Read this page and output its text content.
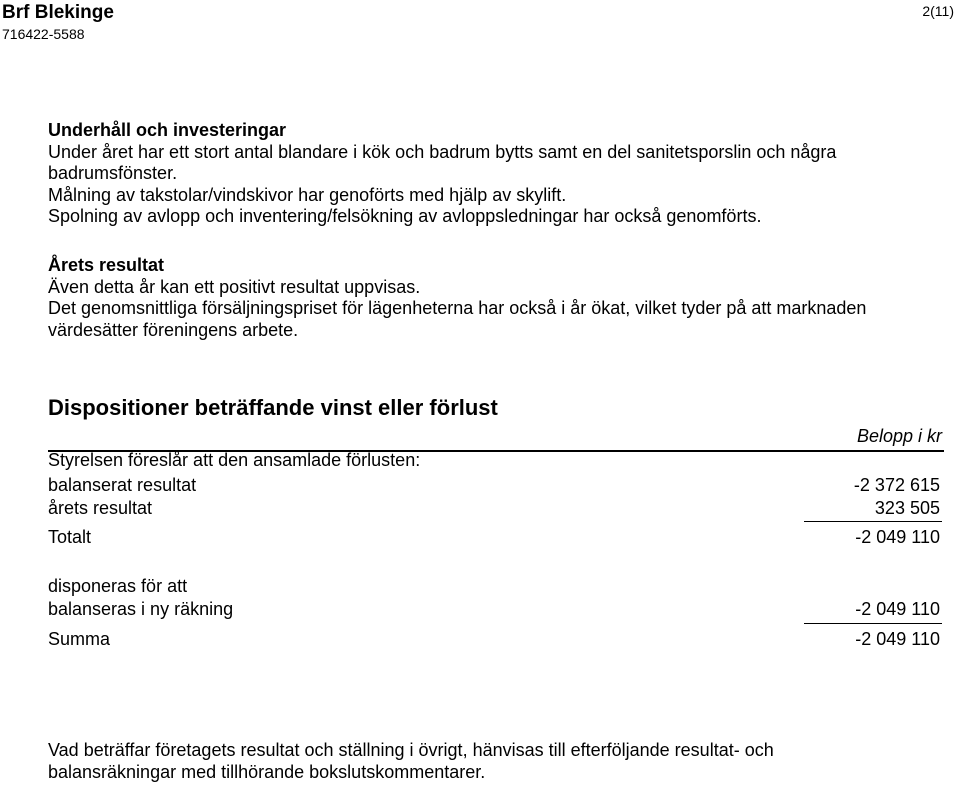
Brf Blekinge
716422-5588
2(11)
Underhåll och investeringar
Under året har ett stort antal blandare i kök och badrum bytts samt en del sanitetsporslin och några
badrumsfönster.
Målning av takstolar/vindskivor har genoförts med hjälp av skylift.
Spolning av avlopp och inventering/felsökning av avloppsledningar har också genomförts.
Årets resultat
Även detta år kan ett positivt resultat uppvisas.
Det genomsnittliga försäljningspriset för lägenheterna har också i år ökat, vilket tyder på att marknaden
värdesätter föreningens arbete.
Dispositioner beträffande vinst eller förlust
Belopp i kr
Styrelsen föreslår att den ansamlade förlusten:
balanserat resultat	-2 372 615
årets resultat	323 505
Totalt	-2 049 110
disponeras för att
balanseras i ny räkning	-2 049 110
Summa	-2 049 110
Vad beträffar företagets resultat och ställning i övrigt, hänvisas till efterföljande resultat- och
balansräkningar med tillhörande bokslutskommentarer.
